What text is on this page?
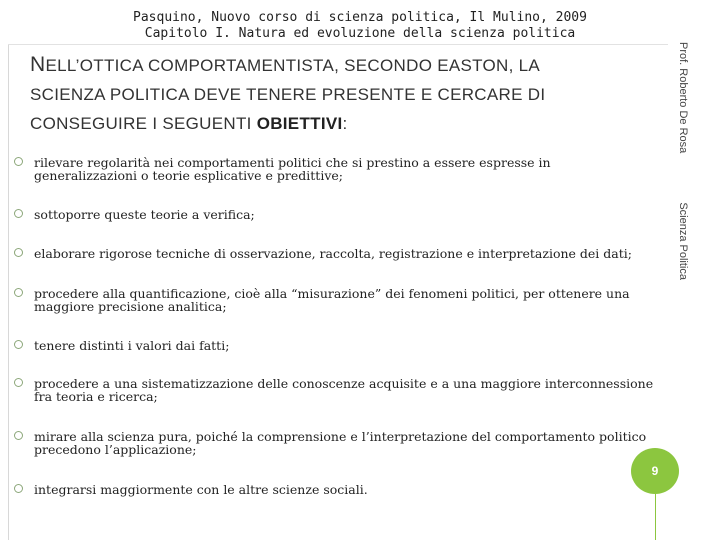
Pasquino, Nuovo corso di scienza politica, Il Mulino, 2009
Capitolo I. Natura ed evoluzione della scienza politica
NELL’OTTICA COMPORTAMENTISTA, SECONDO EASTON, LA
SCIENZA POLITICA DEVE TENERE PRESENTE E CERCARE DI
CONSEGUIRE I SEGUENTI OBIETTIVI:	Prof. Roberto De Rosa
Scienza Politica
rilevare regolarità nei comportamenti politici che si prestino a essere espresse in generalizzazioni o teorie esplicative e predittive;
sottoporre queste teorie a verifica;
elaborare rigorose tecniche di osservazione, raccolta, registrazione e interpretazione dei dati;
procedere alla quantificazione, cioè alla “misurazione” dei fenomeni politici, per ottenere una maggiore precisione analitica;
tenere distinti i valori dai fatti;
procedere a una sistematizzazione delle conoscenze acquisite e a una maggiore interconnessione fra teoria e ricerca;
mirare alla scienza pura, poiché la comprensione e l’interpretazione del comportamento politico precedono l’applicazione;
integrarsi maggiormente con le altre scienze sociali.
9
